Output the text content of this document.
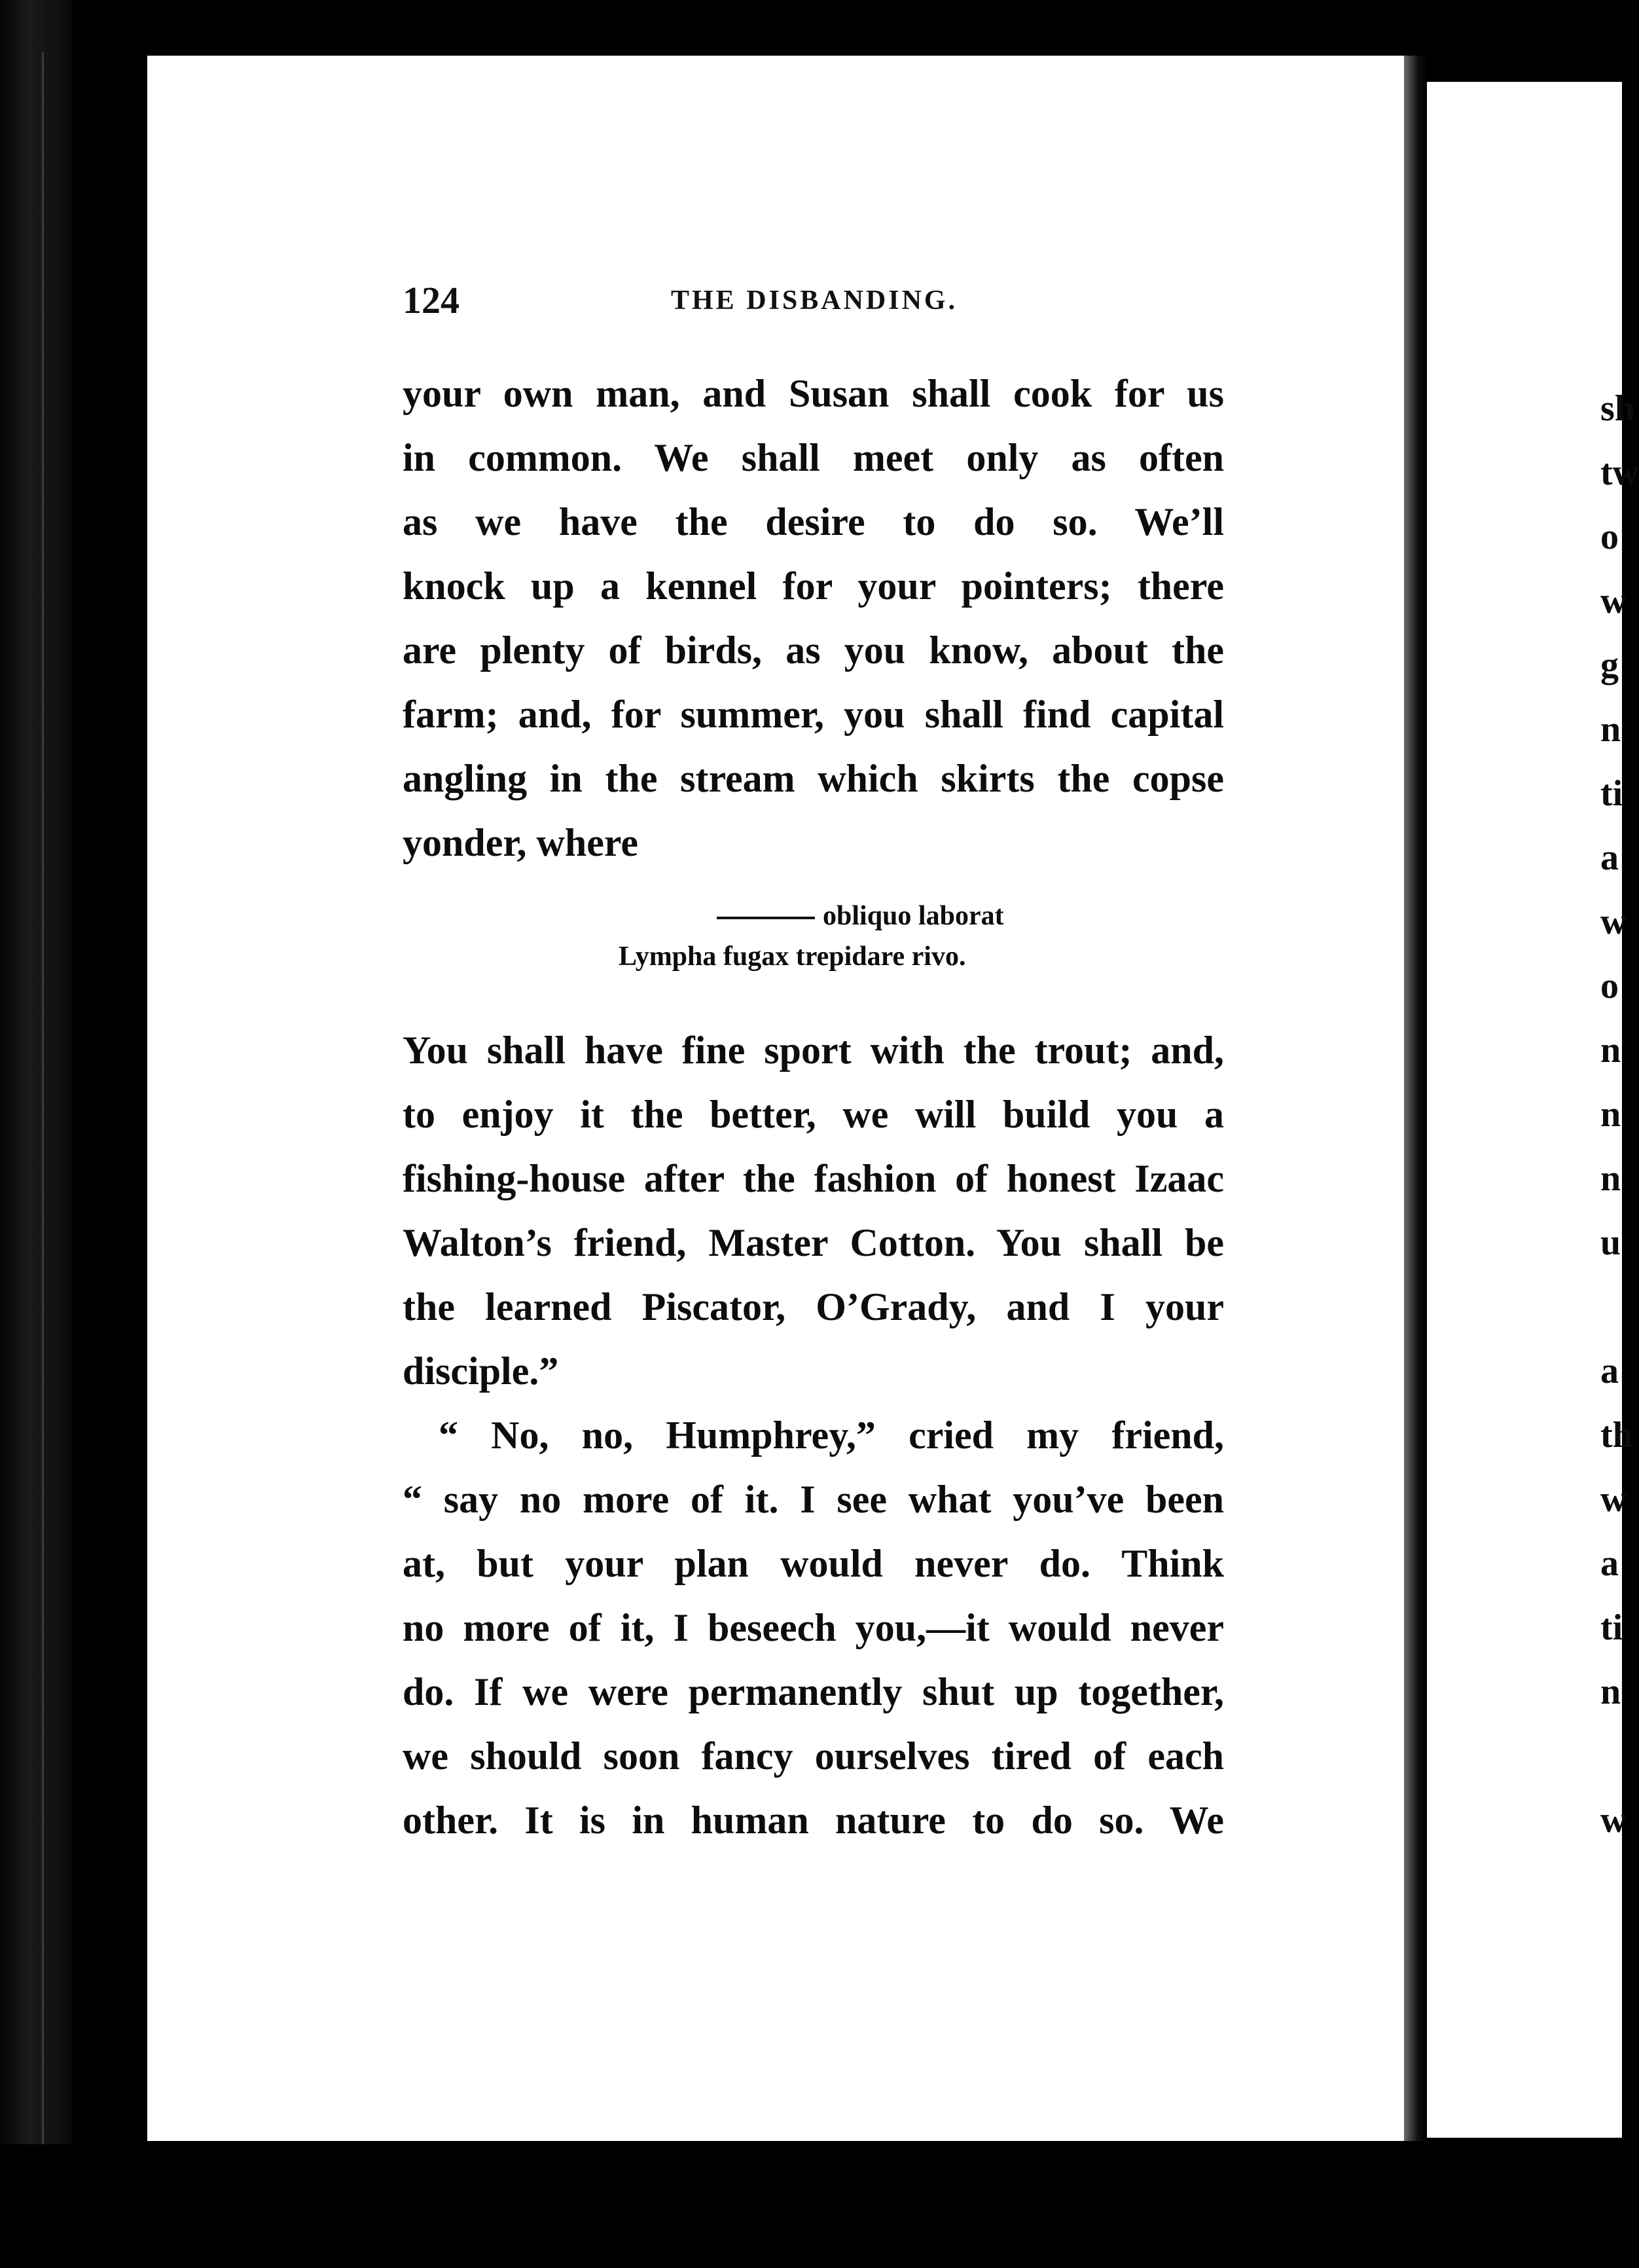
124	THE DISBANDING.
your own man, and Susan shall cook for us
in common. We shall meet only as often
as we have the desire to do so. We’ll
knock up a kennel for your pointers; there
are plenty of birds, as you know, about the
farm; and, for summer, you shall find capital
angling in the stream which skirts the copse
yonder, where
obliquo laborat
Lympha fugax trepidare rivo.
You shall have fine sport with the trout; and,
to enjoy it the better, we will build you a
fishing-house after the fashion of honest Izaac
Walton’s friend, Master Cotton. You shall be
the learned Piscator, O’Grady, and I your
disciple.”
“ No, no, Humphrey,” cried my friend,
“ say no more of it. I see what you’ve been
at, but your plan would never do. Think
no more of it, I beseech you,—it would never
do. If we were permanently shut up together,
we should soon fancy ourselves tired of each
other. It is in human nature to do so. We
sh
tw
o
w
g
n
ti
a
w
o
n
n
n
u
a
th
w
a
ti
n
w
